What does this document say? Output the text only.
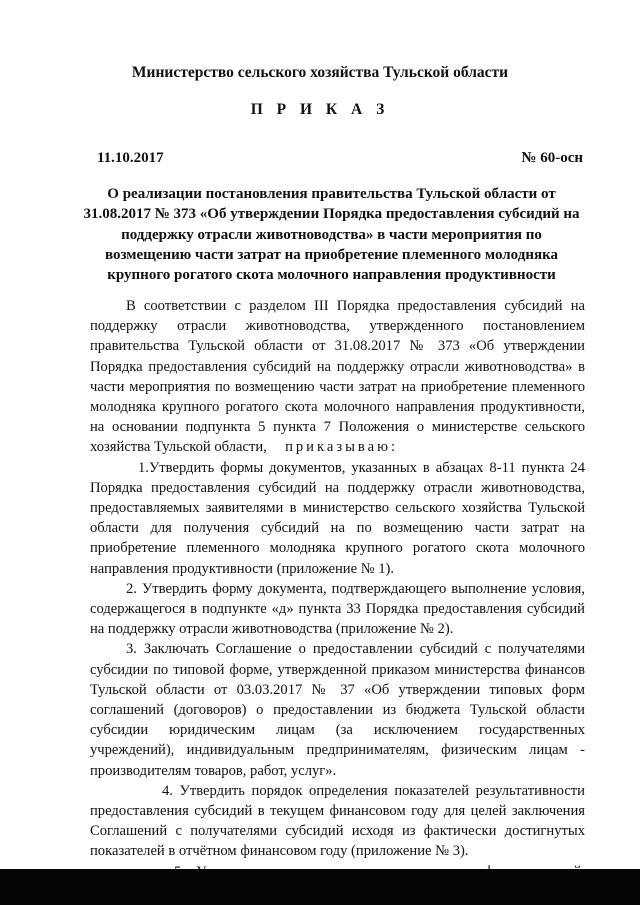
Министерство сельского хозяйства Тульской области
П Р И К А З
11.10.2017	№ 60-осн
О реализации постановления правительства Тульской области от 31.08.2017 № 373 «Об утверждении Порядка предоставления субсидий на поддержку отрасли животноводства» в части мероприятия по возмещению части затрат на приобретение племенного молодняка крупного рогатого скота молочного направления продуктивности

В соответствии с разделом III Порядка предоставления субсидий на поддержку отрасли животноводства, утвержденного постановлением правительства Тульской области от 31.08.2017 № 373 «Об утверждении Порядка предоставления субсидий на поддержку отрасли животноводства» в части мероприятия по возмещению части затрат на приобретение племенного молодняка крупного рогатого скота молочного направления продуктивности, на основании подпункта 5 пункта 7 Положения о министерстве сельского хозяйства Тульской области, приказываю:

1.Утвердить формы документов, указанных в абзацах 8-11 пункта 24 Порядка предоставления субсидий на поддержку отрасли животноводства, предоставляемых заявителями в министерство сельского хозяйства Тульской области для получения субсидий на по возмещению части затрат на приобретение племенного молодняка крупного рогатого скота молочного направления продуктивности (приложение № 1).

2. Утвердить форму документа, подтверждающего выполнение условия, содержащегося в подпункте «д» пункта 33 Порядка предоставления субсидий на поддержку отрасли животноводства (приложение № 2).

3. Заключать Соглашение о предоставлении субсидий с получателями субсидии по типовой форме, утвержденной приказом министерства финансов Тульской области от 03.03.2017 № 37 «Об утверждении типовых форм соглашений (договоров) о предоставлении из бюджета Тульской области субсидии юридическим лицам (за исключением государственных учреждений), индивидуальным предпринимателям, физическим лицам - производителям товаров, работ, услуг».

4. Утвердить порядок определения показателей результативности предоставления субсидий в текущем финансовом году для целей заключения Соглашений с получателями субсидий исходя из фактически достигнутых показателей в отчётном финансовом году (приложение № 3).
